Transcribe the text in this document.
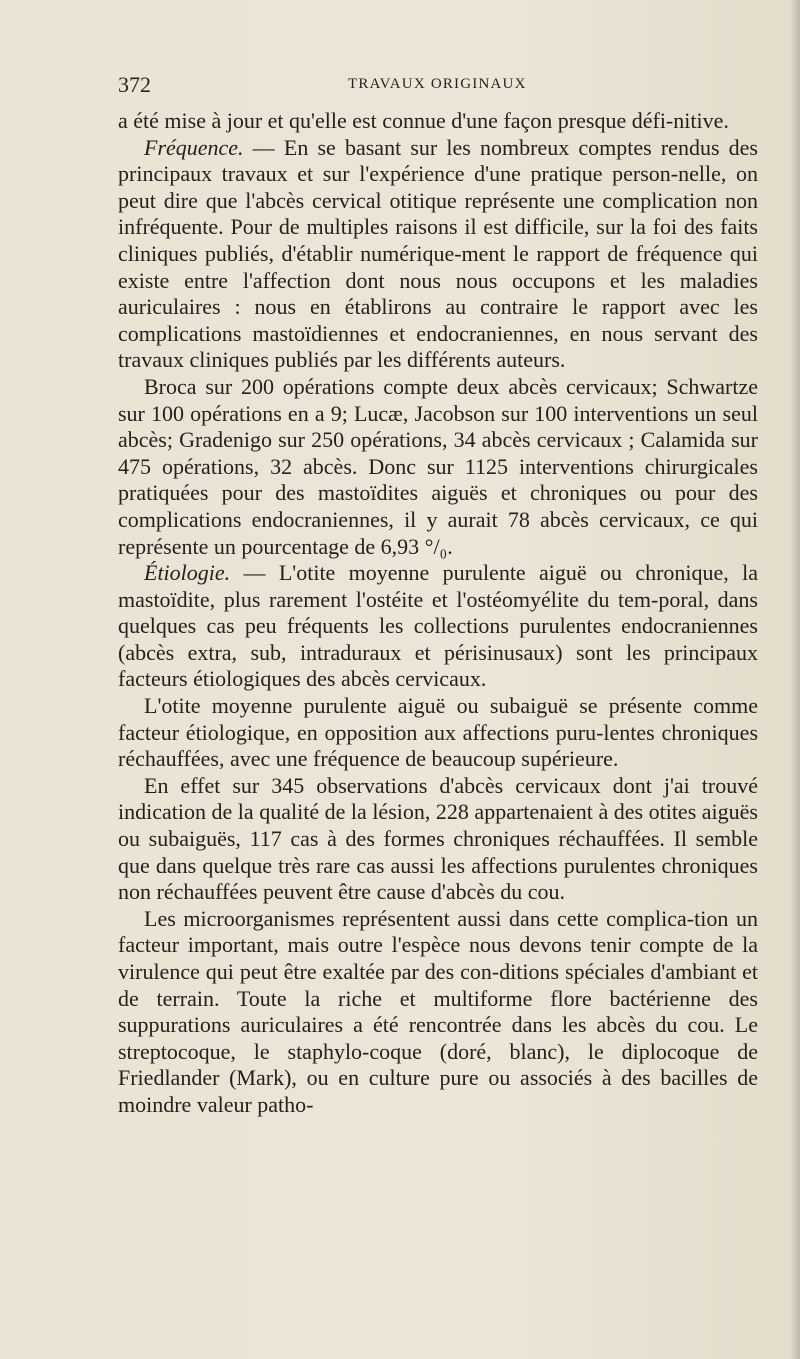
372	TRAVAUX ORIGINAUX

a été mise à jour et qu'elle est connue d'une façon presque défi-nitive.

Fréquence. — En se basant sur les nombreux comptes rendus des principaux travaux et sur l'expérience d'une pratique person-nelle, on peut dire que l'abcès cervical otitique représente une complication non infréquente. Pour de multiples raisons il est difficile, sur la foi des faits cliniques publiés, d'établir numérique-ment le rapport de fréquence qui existe entre l'affection dont nous nous occupons et les maladies auriculaires : nous en établirons au contraire le rapport avec les complications mastoïdiennes et endocraniennes, en nous servant des travaux cliniques publiés par les différents auteurs.

Broca sur 200 opérations compte deux abcès cervicaux; Schwartze sur 100 opérations en a 9; Lucæ, Jacobson sur 100 interventions un seul abcès; Gradenigo sur 250 opérations, 34 abcès cervicaux ; Calamida sur 475 opérations, 32 abcès. Donc sur 1125 interventions chirurgicales pratiquées pour des mastoïdites aiguës et chroniques ou pour des complications endocraniennes, il y aurait 78 abcès cervicaux, ce qui représente un pourcentage de 6,93 °/₀.

Étiologie. — L'otite moyenne purulente aiguë ou chronique, la mastoïdite, plus rarement l'ostéite et l'ostéomyélite du tem-poral, dans quelques cas peu fréquents les collections purulentes endocraniennes (abcès extra, sub, intraduraux et périsinusaux) sont les principaux facteurs étiologiques des abcès cervicaux.

L'otite moyenne purulente aiguë ou subaiguë se présente comme facteur étiologique, en opposition aux affections puru-lentes chroniques réchauffées, avec une fréquence de beaucoup supérieure.

En effet sur 345 observations d'abcès cervicaux dont j'ai trouvé indication de la qualité de la lésion, 228 appartenaient à des otites aiguës ou subaiguës, 117 cas à des formes chroniques réchauffées. Il semble que dans quelque très rare cas aussi les affections purulentes chroniques non réchauffées peuvent être cause d'abcès du cou.

Les microorganismes représentent aussi dans cette complica-tion un facteur important, mais outre l'espèce nous devons tenir compte de la virulence qui peut être exaltée par des con-ditions spéciales d'ambiant et de terrain. Toute la riche et multiforme flore bactérienne des suppurations auriculaires a été rencontrée dans les abcès du cou. Le streptocoque, le staphylo-coque (doré, blanc), le diplocoque de Friedlander (Mark), ou en culture pure ou associés à des bacilles de moindre valeur patho-
